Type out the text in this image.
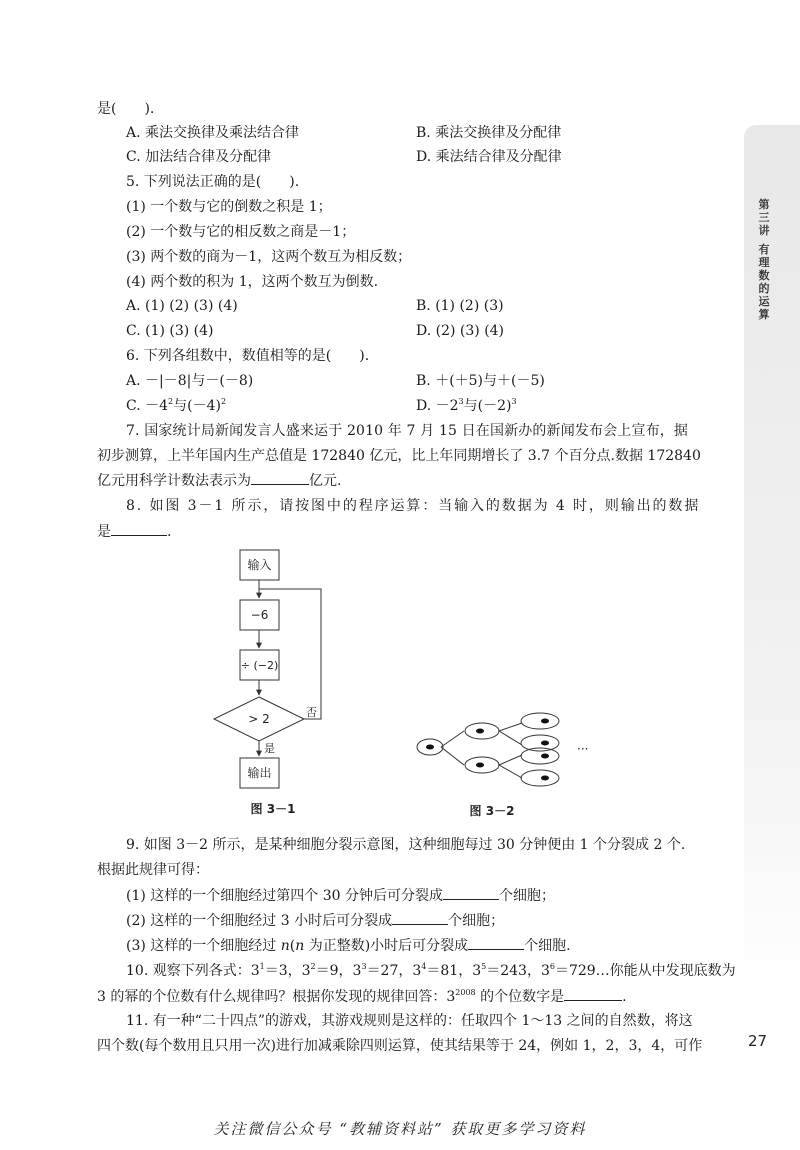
第
三
讲
有
理
数
的
运
算
是(　　).
A. 乘法交换律及乘法结合律	B. 乘法交换律及分配律
C. 加法结合律及分配律	D. 乘法结合律及分配律
5. 下列说法正确的是(　　).
(1) 一个数与它的倒数之积是 1；
(2) 一个数与它的相反数之商是－1；
(3) 两个数的商为－1，这两个数互为相反数；
(4) 两个数的积为 1，这两个数互为倒数.
A. (1) (2) (3) (4)	B. (1) (2) (3)
C. (1) (3) (4)	D. (2) (3) (4)
6. 下列各组数中，数值相等的是(　　).
A. －|－8|与－(－8)	B. ＋(＋5)与＋(－5)
C. $-4^2$与$(-4)^2$	D. $-2^3$与$(-2)^3$
7. 国家统计局新闻发言人盛来运于 2010 年 7 月 15 日在国新办的新闻发布会上宣布，据
初步测算，上半年国内生产总值是 172840 亿元，比上年同期增长了 3.7 个百分点.数据 172840
亿元用科学计数法表示为	亿元.
8. 如图 3－1 所示，请按图中的程序运算：当输入的数据为 4 时，则输出的数据
是	.
输入
−6
÷ (−2)
> 2	否
是
输出
图 3－1
···
图 3－2
9. 如图 3－2 所示，是某种细胞分裂示意图，这种细胞每过 30 分钟便由 1 个分裂成 2 个.
根据此规律可得：
(1) 这样的一个细胞经过第四个 30 分钟后可分裂成	个细胞；
(2) 这样的一个细胞经过 3 小时后可分裂成	个细胞；
(3) 这样的一个细胞经过 n(n 为正整数)小时后可分裂成	个细胞.
10. 观察下列各式：$3^1=3$，$3^2=9$，$3^3=27$，$3^4=81$，$3^5=243$，$3^6=729\dots$你能从中发现底数为
3 的幂的个位数有什么规律吗？根据你发现的规律回答：$3^{2008}$ 的个位数字是	.
11. 有一种“二十四点”的游戏，其游戏规则是这样的：任取四个 1～13 之间的自然数，将这
四个数(每个数用且只用一次)进行加减乘除四则运算，使其结果等于 24，例如 1，2，3，4，可作	27
关注微信公众号 “教辅资料站” 获取更多学习资料
